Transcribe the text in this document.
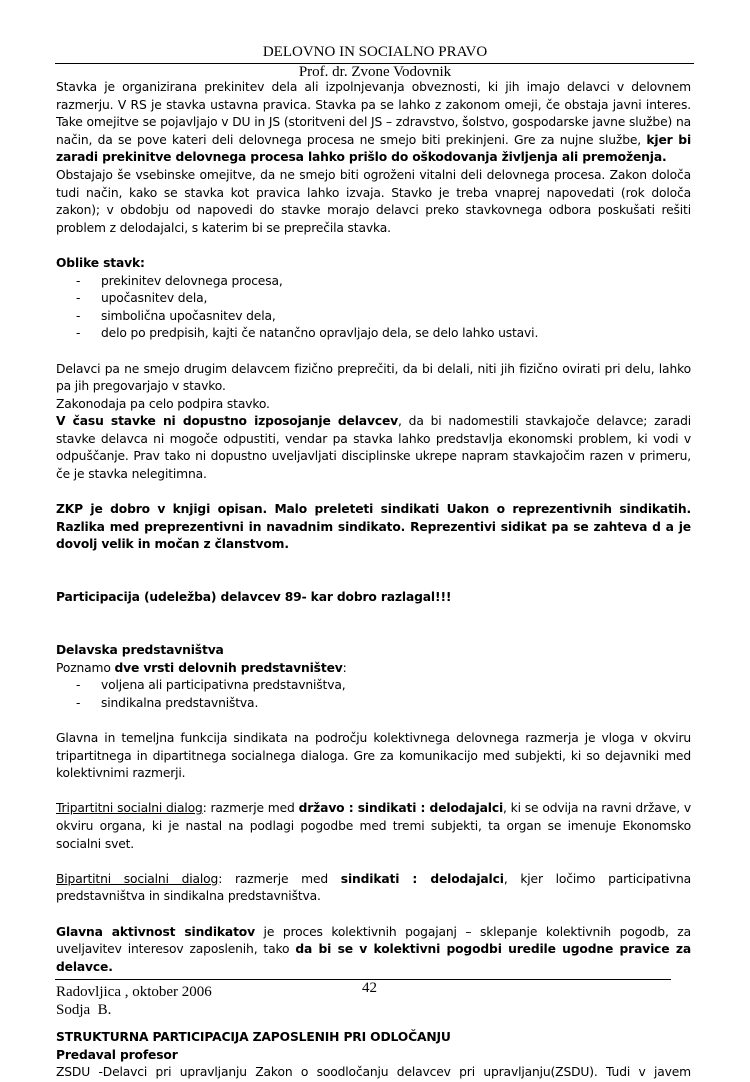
DELOVNO IN SOCIALNO PRAVO
Prof. dr. Zvone Vodovnik

Stavka je organizirana prekinitev dela ali izpolnjevanja obveznosti, ki jih imajo delavci v delovnem razmerju. V RS je stavka ustavna pravica. Stavka pa se lahko z zakonom omeji, če obstaja javni interes. Take omejitve se pojavljajo v DU in JS (storitveni del JS – zdravstvo, šolstvo, gospodarske javne službe) na način, da se pove kateri deli delovnega procesa ne smejo biti prekinjeni. Gre za nujne službe, kjer bi zaradi prekinitve delovnega procesa lahko prišlo do oškodovanja življenja ali premoženja.

Obstajajo še vsebinske omejitve, da ne smejo biti ogroženi vitalni deli delovnega procesa. Zakon določa tudi način, kako se stavka kot pravica lahko izvaja. Stavko je treba vnaprej napovedati (rok določa zakon); v obdobju od napovedi do stavke morajo delavci preko stavkovnega odbora poskušati rešiti problem z delodajalci, s katerim bi se preprečila stavka.

Oblike stavk:

- prekinitev delovnega procesa,
- upočasnitev dela,
- simbolična upočasnitev dela,
- delo po predpisih, kajti če natančno opravljajo dela, se delo lahko ustavi.

Delavci pa ne smejo drugim delavcem fizično preprečiti, da bi delali, niti jih fizično ovirati pri delu, lahko pa jih pregovarjajo v stavko.

Zakonodaja pa celo podpira stavko.

V času stavke ni dopustno izposojanje delavcev, da bi nadomestili stavkajoče delavce; zaradi stavke delavca ni mogoče odpustiti, vendar pa stavka lahko predstavlja ekonomski problem, ki vodi v odpuščanje. Prav tako ni dopustno uveljavljati disciplinske ukrepe napram stavkajočim razen v primeru, če je stavka nelegitimna.

ZKP je dobro v knjigi opisan. Malo preleteti sindikati Uakon o reprezentivnih sindikatih. Razlika med preprezentivni in navadnim sindikato. Reprezentivi sidikat pa se zahteva d a je dovolj velik in močan z članstvom.

Participacija (udeležba) delavcev 89- kar dobro razlagal!!!

Delavska predstavništva

Poznamo dve vrsti delovnih predstavništev:

- voljena ali participativna predstavništva,
- sindikalna predstavništva.

Glavna in temeljna funkcija sindikata na področju kolektivnega delovnega razmerja je vloga v okviru tripartitnega in dipartitnega socialnega dialoga. Gre za komunikacijo med subjekti, ki so dejavniki med kolektivnimi razmerji.

Tripartitni socialni dialog: razmerje med državo : sindikati : delodajalci, ki se odvija na ravni države, v okviru organa, ki je nastal na podlagi pogodbe med tremi subjekti, ta organ se imenuje Ekonomsko socialni svet.

Bipartitni socialni dialog: razmerje med sindikati : delodajalci, kjer ločimo participativna predstavništva in sindikalna predstavništva.

Glavna aktivnost sindikatov je proces kolektivnih pogajanj – sklepanje kolektivnih pogodb, za uveljavitev interesov zaposlenih, tako da bi se v kolektivni pogodbi uredile ugodne pravice za delavce.

STRUKTURNA PARTICIPACIJA ZAPOSLENIH PRI ODLOČANJU

Predaval profesor

ZSDU -Delavci pri upravljanju Zakon o soodločanju delavcev pri upravljanju(ZSDU). Tudi v javem

42
Radovljica , oktober 2006
Sodja  B.
